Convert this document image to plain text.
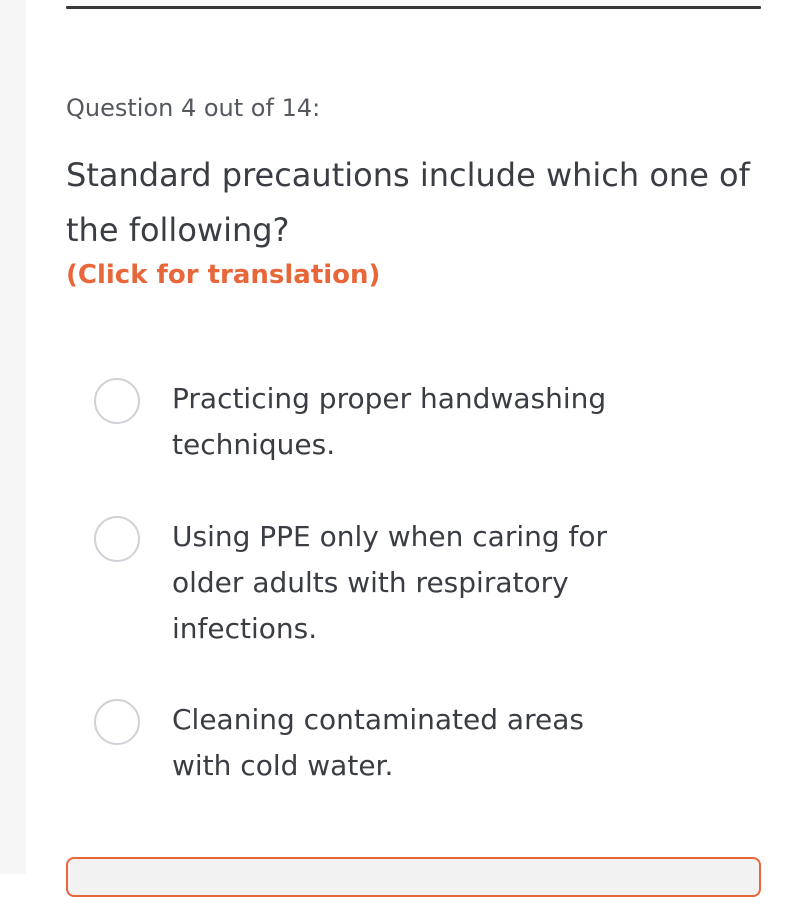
Question 4 out of 14:
Standard precautions include which one of the following?
(Click for translation)
Practicing proper handwashing techniques.
Using PPE only when caring for older adults with respiratory infections.
Cleaning contaminated areas with cold water.
